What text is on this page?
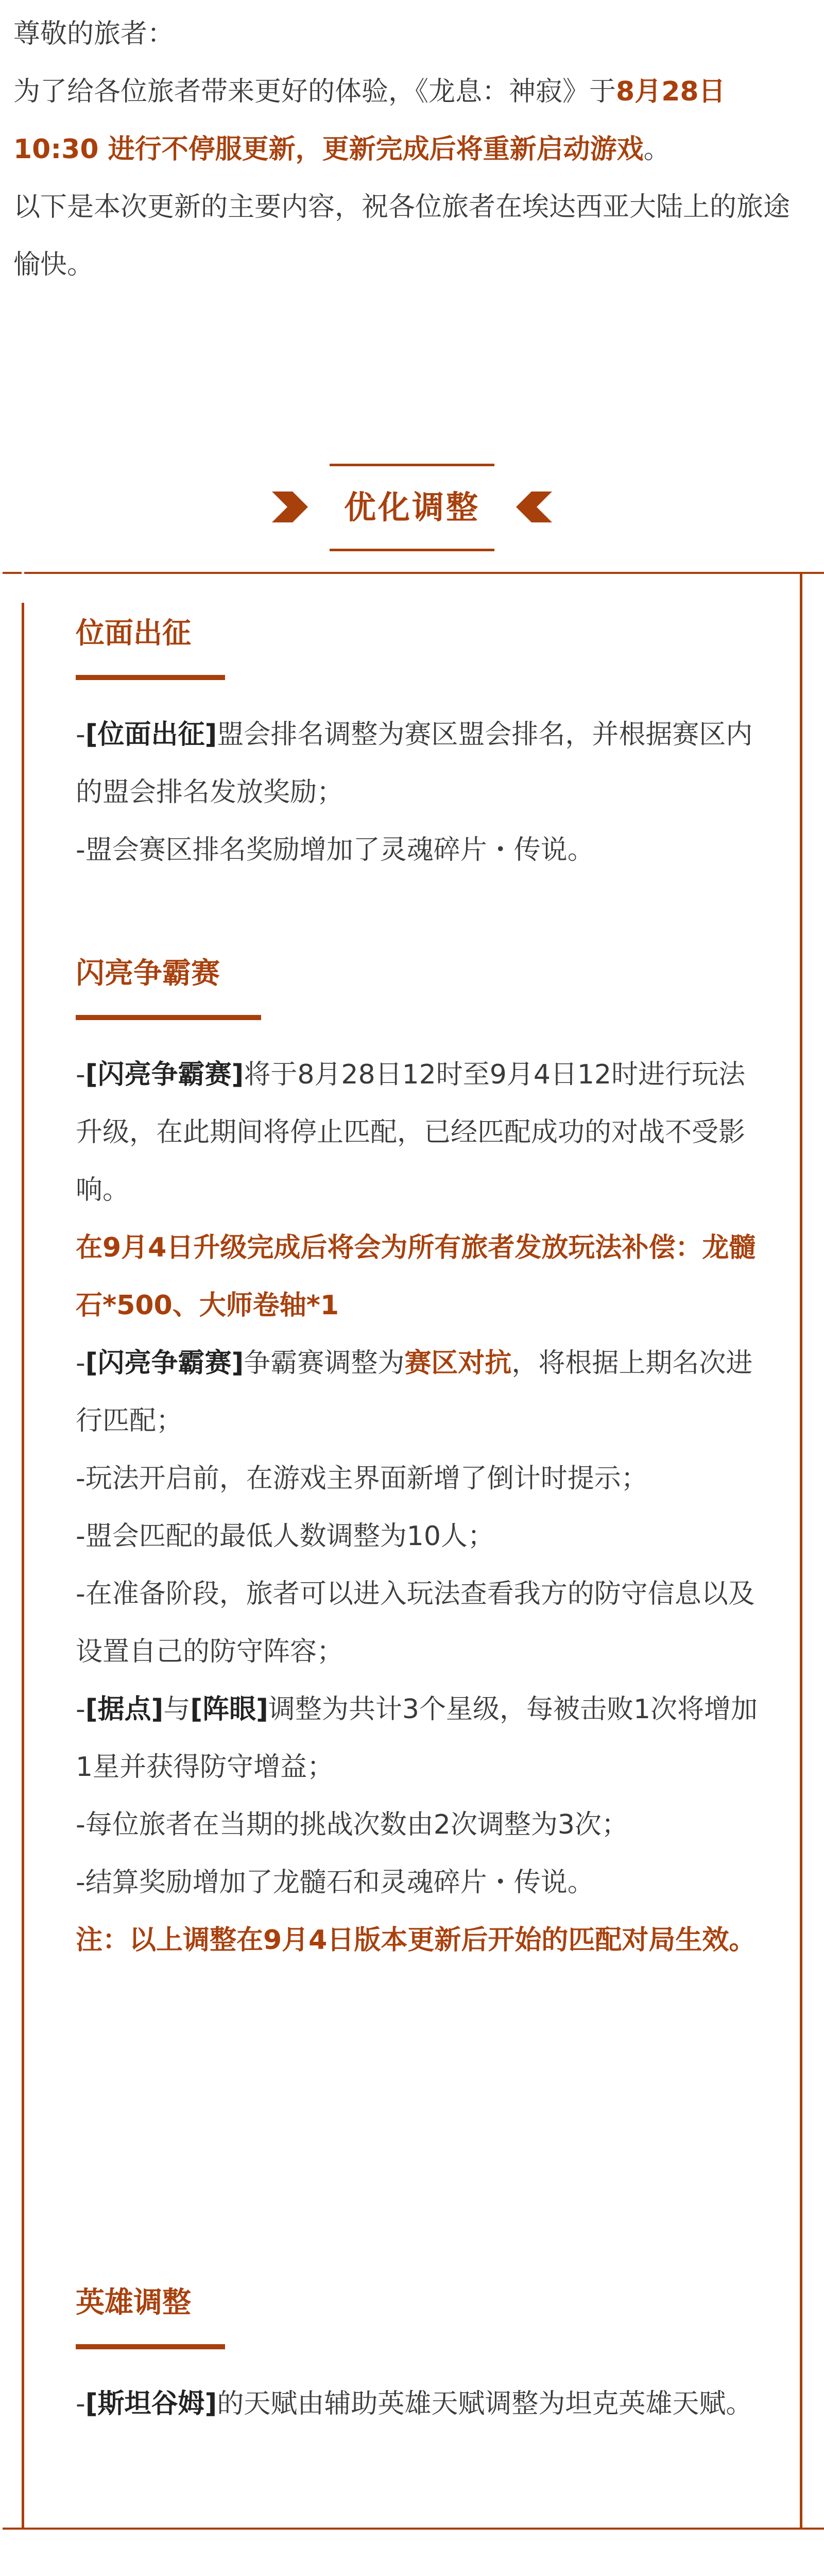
尊敬的旅者：

为了给各位旅者带来更好的体验，《龙息：神寂》于8月28日10:30 进行不停服更新，更新完成后将重新启动游戏。

以下是本次更新的主要内容，祝各位旅者在埃达西亚大陆上的旅途愉快。

优化调整
位面出征

-[位面出征]盟会排名调整为赛区盟会排名，并根据赛区内的盟会排名发放奖励；

-盟会赛区排名奖励增加了灵魂碎片・传说。

闪亮争霸赛

-[闪亮争霸赛]将于8月28日12时至9月4日12时进行玩法升级，在此期间将停止匹配，已经匹配成功的对战不受影响。

在9月4日升级完成后将会为所有旅者发放玩法补偿：龙髓石*500、大师卷轴*1

-[闪亮争霸赛]争霸赛调整为赛区对抗，将根据上期名次进行匹配；

-玩法开启前，在游戏主界面新增了倒计时提示；

-盟会匹配的最低人数调整为10人；

-在准备阶段，旅者可以进入玩法查看我方的防守信息以及设置自己的防守阵容；

-[据点]与[阵眼]调整为共计3个星级，每被击败1次将增加1星并获得防守增益；

-每位旅者在当期的挑战次数由2次调整为3次；

-结算奖励增加了龙髓石和灵魂碎片・传说。

注：以上调整在9月4日版本更新后开始的匹配对局生效。

英雄调整

-[斯坦谷姆]的天赋由辅助英雄天赋调整为坦克英雄天赋。
